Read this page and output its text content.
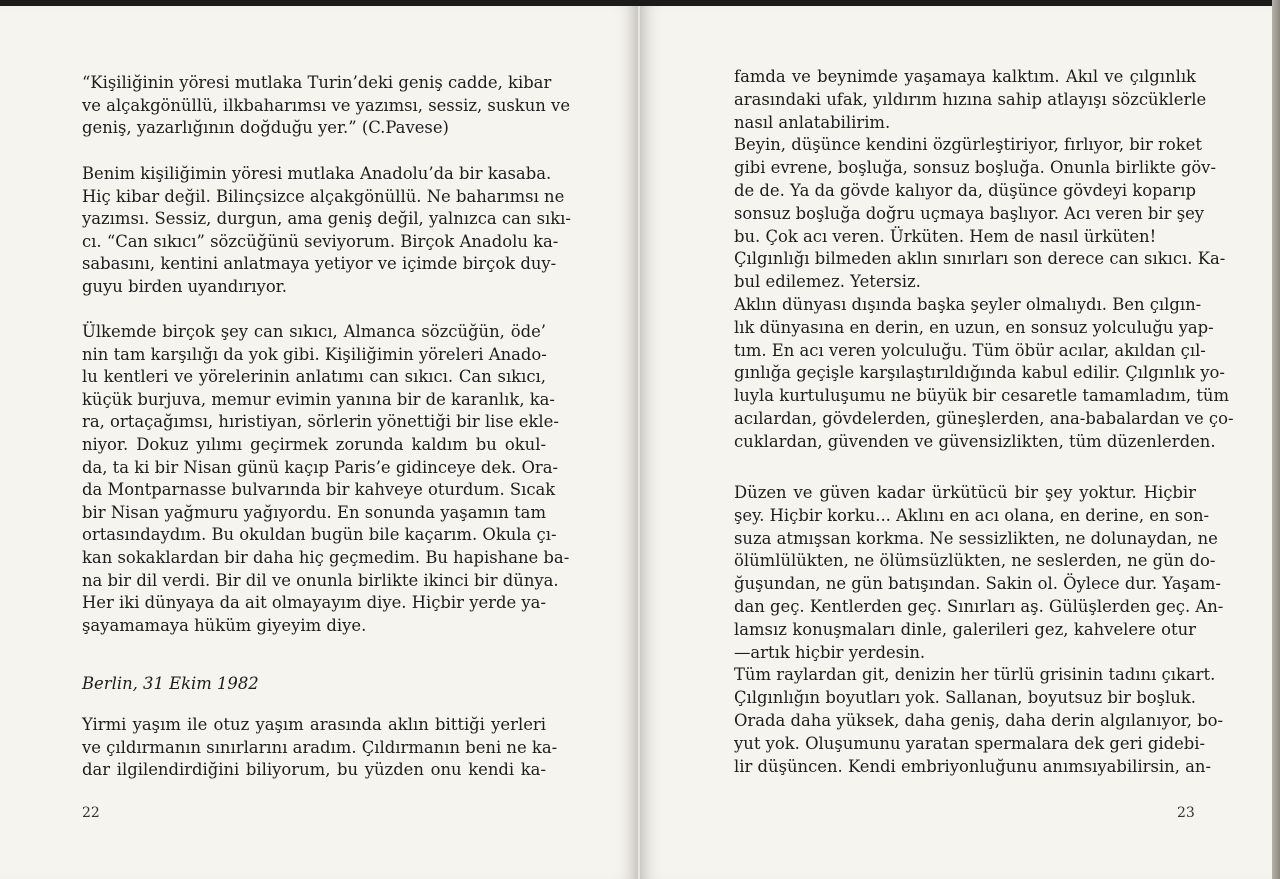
“Kişiliğinin yöresi mutlaka Turin’deki geniş cadde, kibar
ve alçakgönüllü, ilkbaharımsı ve yazımsı, sessiz, suskun ve
geniş, yazarlığının doğduğu yer.” (C.Pavese)
Benim kişiliğimin yöresi mutlaka Anadolu’da bir kasaba.
Hiç kibar değil. Bilinçsizce alçakgönüllü. Ne baharımsı ne
yazımsı. Sessiz, durgun, ama geniş değil, yalnızca can sıkı-
cı. “Can sıkıcı” sözcüğünü seviyorum. Birçok Anadolu ka-
sabasını, kentini anlatmaya yetiyor ve içimde birçok duy-
guyu birden uyandırıyor.
Ülkemde birçok şey can sıkıcı, Almanca sözcüğün, öde’
nin tam karşılığı da yok gibi. Kişiliğimin yöreleri Anado-
lu kentleri ve yörelerinin anlatımı can sıkıcı. Can sıkıcı,
küçük burjuva, memur evimin yanına bir de karanlık, ka-
ra, ortaçağımsı, hıristiyan, sörlerin yönettiği bir lise ekle-
niyor. Dokuz yılımı geçirmek zorunda kaldım bu okul-
da, ta ki bir Nisan günü kaçıp Paris’e gidinceye dek. Ora-
da Montparnasse bulvarında bir kahveye oturdum. Sıcak
bir Nisan yağmuru yağıyordu. En sonunda yaşamın tam
ortasındaydım. Bu okuldan bugün bile kaçarım. Okula çı-
kan sokaklardan bir daha hiç geçmedim. Bu hapishane ba-
na bir dil verdi. Bir dil ve onunla birlikte ikinci bir dünya.
Her iki dünyaya da ait olmayayım diye. Hiçbir yerde ya-
şayamamaya hüküm giyeyim diye.
Berlin, 31 Ekim 1982
Yirmi yaşım ile otuz yaşım arasında aklın bittiği yerleri
ve çıldırmanın sınırlarını aradım. Çıldırmanın beni ne ka-
dar ilgilendirdiğini biliyorum, bu yüzden onu kendi ka-
22
famda ve beynimde yaşamaya kalktım. Akıl ve çılgınlık
arasındaki ufak, yıldırım hızına sahip atlayışı sözcüklerle
nasıl anlatabilirim.
Beyin, düşünce kendini özgürleştiriyor, fırlıyor, bir roket
gibi evrene, boşluğa, sonsuz boşluğa. Onunla birlikte göv-
de de. Ya da gövde kalıyor da, düşünce gövdeyi koparıp
sonsuz boşluğa doğru uçmaya başlıyor. Acı veren bir şey
bu. Çok acı veren. Ürküten. Hem de nasıl ürküten!
Çılgınlığı bilmeden aklın sınırları son derece can sıkıcı. Ka-
bul edilemez. Yetersiz.
Aklın dünyası dışında başka şeyler olmalıydı. Ben çılgın-
lık dünyasına en derin, en uzun, en sonsuz yolculuğu yap-
tım. En acı veren yolculuğu. Tüm öbür acılar, akıldan çıl-
gınlığa geçişle karşılaştırıldığında kabul edilir. Çılgınlık yo-
luyla kurtuluşumu ne büyük bir cesaretle tamamladım, tüm
acılardan, gövdelerden, güneşlerden, ana-babalardan ve ço-
cuklardan, güvenden ve güvensizlikten, tüm düzenlerden.
Düzen ve güven kadar ürkütücü bir şey yoktur. Hiçbir
şey. Hiçbir korku... Aklını en acı olana, en derine, en son-
suza atmışsan korkma. Ne sessizlikten, ne dolunaydan, ne
ölümlülükten, ne ölümsüzlükten, ne seslerden, ne gün do-
ğuşundan, ne gün batışından. Sakin ol. Öylece dur. Yaşam-
dan geç. Kentlerden geç. Sınırları aş. Gülüşlerden geç. An-
lamsız konuşmaları dinle, galerileri gez, kahvelere otur
—artık hiçbir yerdesin.
Tüm raylardan git, denizin her türlü grisinin tadını çıkart.
Çılgınlığın boyutları yok. Sallanan, boyutsuz bir boşluk.
Orada daha yüksek, daha geniş, daha derin algılanıyor, bo-
yut yok. Oluşumunu yaratan spermalara dek geri gidebi-
lir düşüncen. Kendi embriyonluğunu anımsıyabilirsin, an-
23
